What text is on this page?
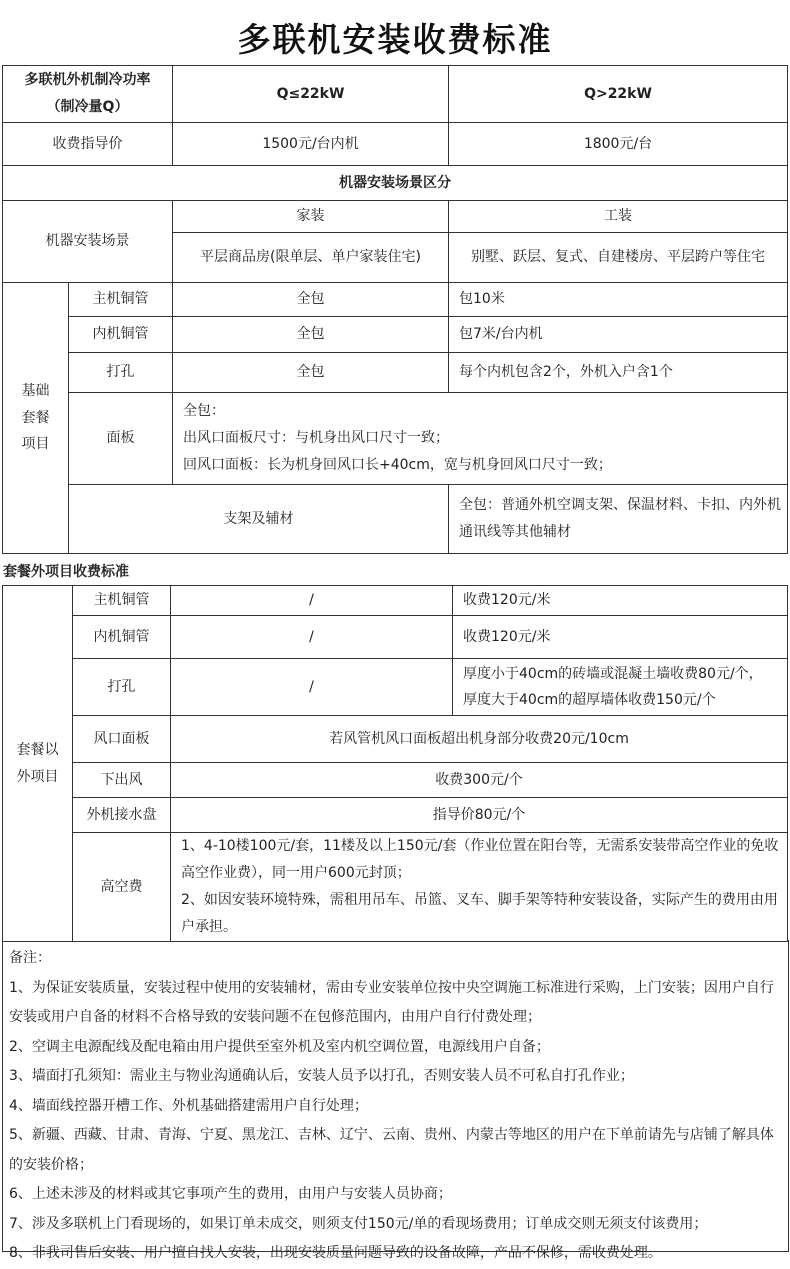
多联机安装收费标准
多联机外机制冷功率
（制冷量Q）		Q≤22kW	Q>22kW
收费指导价		1500元/台内机	1800元/台
机器安装场景区分			
机器安装场景		家装	工装
		平层商品房(限单层、单户家装住宅)	别墅、跃层、复式、自建楼房、平层跨户等住宅
基础
套餐
项目	主机铜管	全包	包10米
	内机铜管	全包	包7米/台内机
	打孔	全包	每个内机包含2个，外机入户含1个
	面板	全包：
出风口面板尺寸：与机身出风口尺寸一致；
回风口面板：长为机身回风口长+40cm，宽与机身回风口尺寸一致；	
	支架及辅材		全包：普通外机空调支架、保温材料、卡扣、内外机通讯线等其他辅材
套餐外项目收费标准
套餐以
外项目	主机铜管	/	收费120元/米
	内机铜管	/	收费120元/米
	打孔	/	厚度小于40cm的砖墙或混凝土墙收费80元/个，
厚度大于40cm的超厚墙体收费150元/个
	风口面板	若风管机风口面板超出机身部分收费20元/10cm	
	下出风	收费300元/个	
	外机接水盘	指导价80元/个	
	高空费	1、4-10楼100元/套，11楼及以上150元/套（作业位置在阳台等，无需系安装带高空作业的免收高空作业费），同一用户600元封顶；
2、如因安装环境特殊，需租用吊车、吊篮、叉车、脚手架等特种安装设备，实际产生的费用由用户承担。	

备注：

1、为保证安装质量，安装过程中使用的安装辅材，需由专业安装单位按中央空调施工标准进行采购，上门安装；因用户自行安装或用户自备的材料不合格导致的安装问题不在包修范围内，由用户自行付费处理；

2、空调主电源配线及配电箱由用户提供至室外机及室内机空调位置，电源线用户自备；

3、墙面打孔须知：需业主与物业沟通确认后，安装人员予以打孔，否则安装人员不可私自打孔作业；

4、墙面线控器开槽工作、外机基础搭建需用户自行处理；

5、新疆、西藏、甘肃、青海、宁夏、黑龙江、吉林、辽宁、云南、贵州、内蒙古等地区的用户在下单前请先与店铺了解具体的安装价格；

6、上述未涉及的材料或其它事项产生的费用，由用户与安装人员协商；

7、涉及多联机上门看现场的，如果订单未成交，则须支付150元/单的看现场费用；订单成交则无须支付该费用；

8、非我司售后安装、用户擅自找人安装，出现安装质量问题导致的设备故障，产品不保修，需收费处理。
